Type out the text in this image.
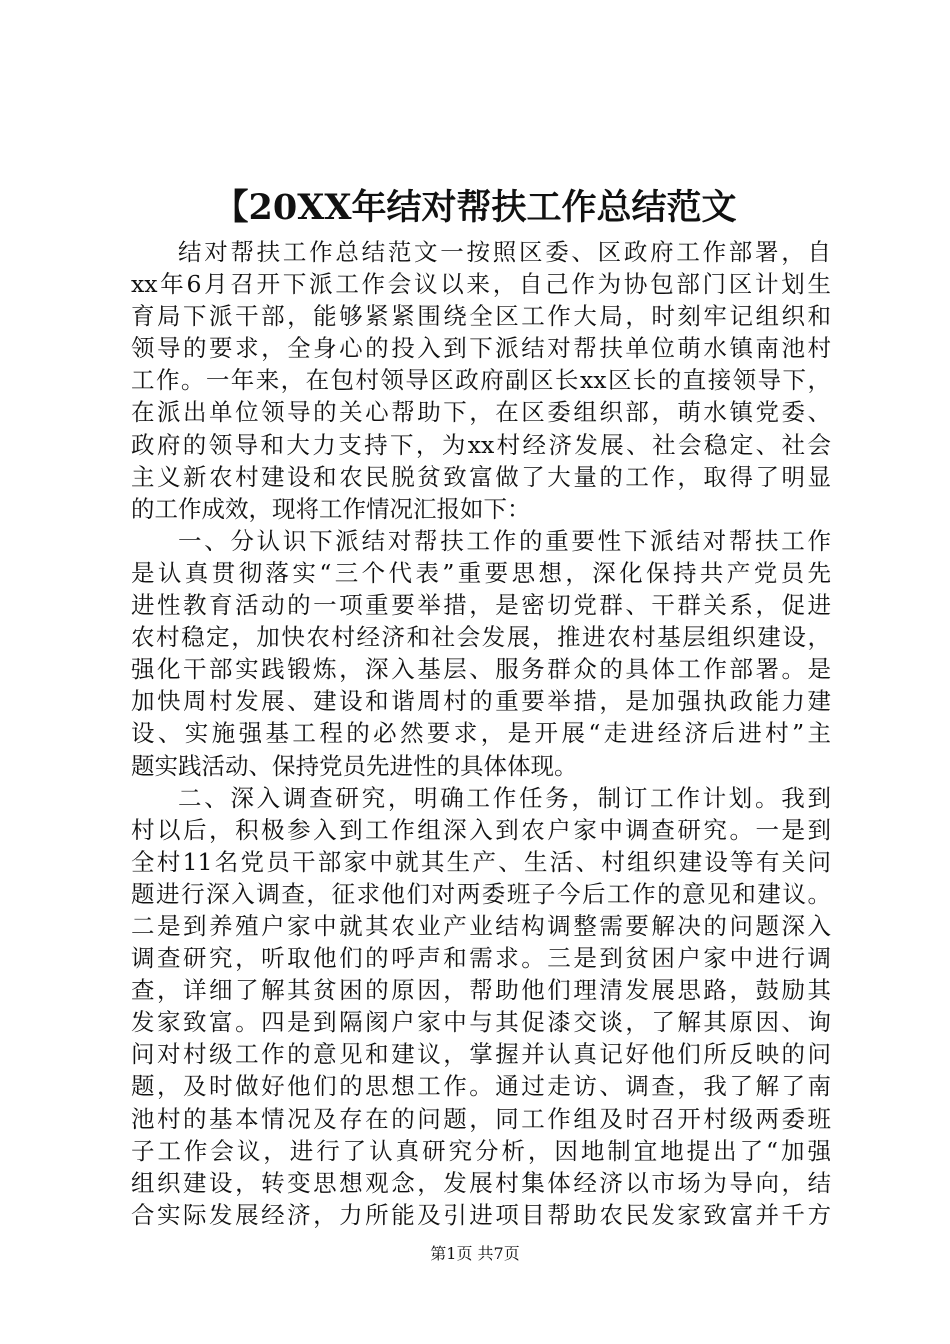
【20XX年结对帮扶工作总结范文
结对帮扶工作总结范文一按照区委、区政府工作部署，自
xx年6月召开下派工作会议以来，自己作为协包部门区计划生
育局下派干部，能够紧紧围绕全区工作大局，时刻牢记组织和
领导的要求，全身心的投入到下派结对帮扶单位萌水镇南池村
工作。一年来，在包村领导区政府副区长xx区长的直接领导下，
在派出单位领导的关心帮助下，在区委组织部，萌水镇党委、
政府的领导和大力支持下，为xx村经济发展、社会稳定、社会
主义新农村建设和农民脱贫致富做了大量的工作，取得了明显
的工作成效，现将工作情况汇报如下：
一、分认识下派结对帮扶工作的重要性下派结对帮扶工作
是认真贯彻落实“三个代表”重要思想，深化保持共产党员先
进性教育活动的一项重要举措，是密切党群、干群关系，促进
农村稳定，加快农村经济和社会发展，推进农村基层组织建设，
强化干部实践锻炼，深入基层、服务群众的具体工作部署。是
加快周村发展、建设和谐周村的重要举措，是加强执政能力建
设、实施强基工程的必然要求，是开展“走进经济后进村”主
题实践活动、保持党员先进性的具体体现。
二、深入调查研究，明确工作任务，制订工作计划。我到
村以后，积极参入到工作组深入到农户家中调查研究。一是到
全村11名党员干部家中就其生产、生活、村组织建设等有关问
题进行深入调查，征求他们对两委班子今后工作的意见和建议。
二是到养殖户家中就其农业产业结构调整需要解决的问题深入
调查研究，听取他们的呼声和需求。三是到贫困户家中进行调
查，详细了解其贫困的原因，帮助他们理清发展思路，鼓励其
发家致富。四是到隔阂户家中与其促漆交谈，了解其原因、询
问对村级工作的意见和建议，掌握并认真记好他们所反映的问
题，及时做好他们的思想工作。通过走访、调查，我了解了南
池村的基本情况及存在的问题，同工作组及时召开村级两委班
子工作会议，进行了认真研究分析，因地制宜地提出了“加强
组织建设，转变思想观念，发展村集体经济以市场为导向，结
合实际发展经济，力所能及引进项目帮助农民发家致富并千方
第1页 共7页
